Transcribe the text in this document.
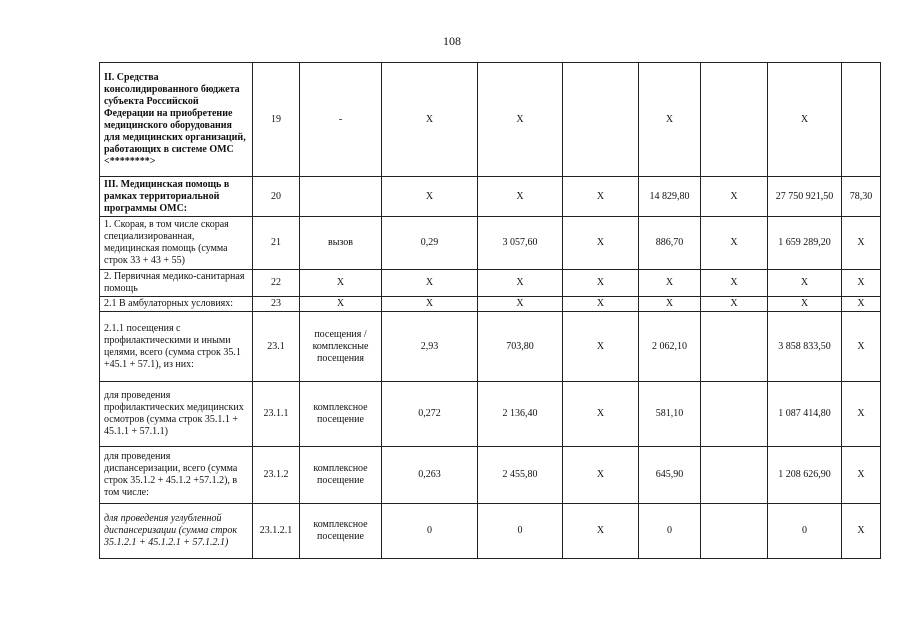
108
II. Средства консолидированного бюджета субъекта Российской Федерации на приобретение медицинского оборудования для медицинских организаций, работающих в системе ОМС <********>	19	-	X	X		X		X	
III. Медицинская помощь в рамках территориальной программы ОМС:	20		X	X	X	14 829,80	X	27 750 921,50	78,30
1. Скорая, в том числе скорая специализированная, медицинская помощь (сумма строк 33 + 43 + 55)	21	вызов	0,29	3 057,60	X	886,70	X	1 659 289,20	X
2. Первичная медико-санитарная помощь	22	X	X	X	X	X	X	X	X
2.1 В амбулаторных условиях:	23	X	X	X	X	X	X	X	X
2.1.1 посещения с профилактическими и иными целями, всего (сумма строк 35.1 +45.1 + 57.1), из них:	23.1	посещения / комплексные посещения	2,93	703,80	X	2 062,10		3 858 833,50	X
для проведения профилактических медицинских осмотров (сумма строк 35.1.1 + 45.1.1 + 57.1.1)	23.1.1	комплексное посещение	0,272	2 136,40	X	581,10		1 087 414,80	X
для проведения диспансеризации, всего (сумма строк 35.1.2 + 45.1.2 +57.1.2), в том числе:	23.1.2	комплексное посещение	0,263	2 455,80	X	645,90		1 208 626,90	X
для проведения углубленной диспансеризации (сумма строк 35.1.2.1 + 45.1.2.1 + 57.1.2.1)	23.1.2.1	комплексное посещение	0	0	X	0		0	X
